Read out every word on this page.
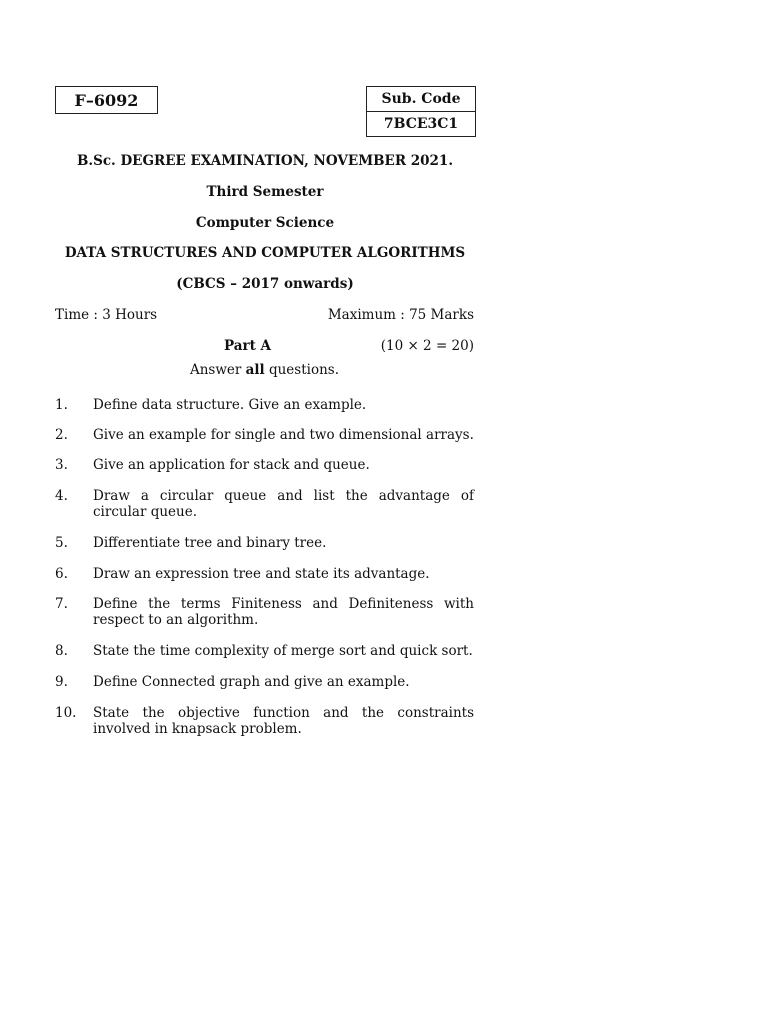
F–6092	Sub. Code
7BCE3C1
B.Sc. DEGREE EXAMINATION, NOVEMBER 2021.
Third Semester
Computer Science
DATA STRUCTURES AND COMPUTER ALGORITHMS
(CBCS – 2017 onwards)
Time : 3 Hours	Maximum : 75 Marks
Part A	(10 × 2 = 20)
Answer all questions.
1. Define data structure. Give an example.
2. Give an example for single and two dimensional arrays.
3. Give an application for stack and queue.
4. Draw a circular queue and list the advantage of circular queue.
5. Differentiate tree and binary tree.
6. Draw an expression tree and state its advantage.
7. Define the terms Finiteness and Definiteness with respect to an algorithm.
8. State the time complexity of merge sort and quick sort.
9. Define Connected graph and give an example.
10. State the objective function and the constraints involved in knapsack problem.
